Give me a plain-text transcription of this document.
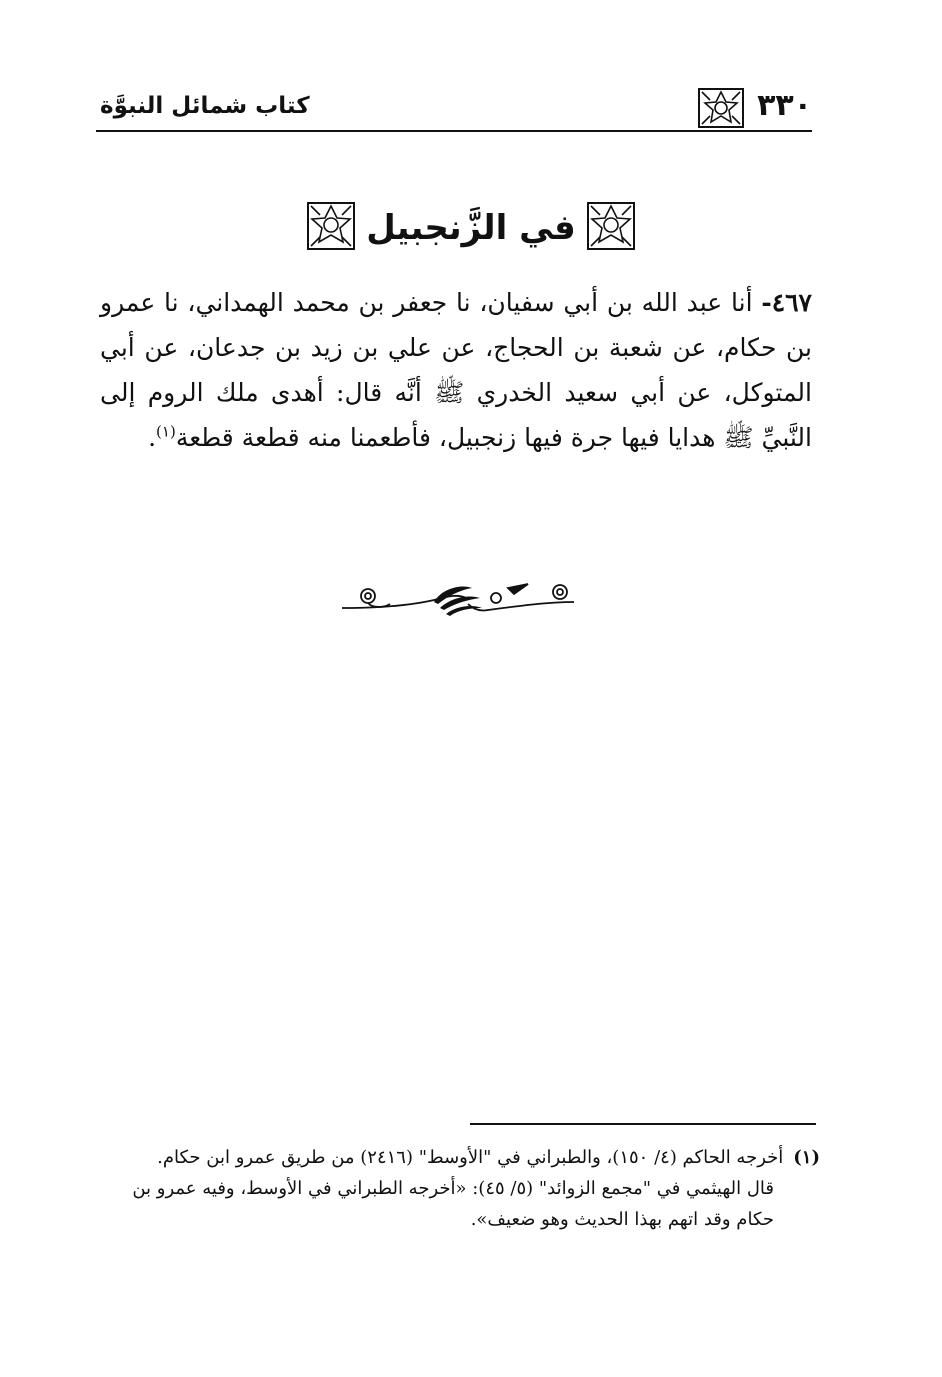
٣٣٠
كتاب شمائل النبوَّة
في الزَّنجبيل
٤٦٧- أنا عبد الله بن أبي سفيان، نا جعفر بن محمد الهمداني، نا عمرو بن حكام، عن شعبة بن الحجاج، عن علي بن زيد بن جدعان، عن أبي المتوكل، عن أبي سعيد الخدري ﷺ أنَّه قال: أهدى ملك الروم إلى النَّبيِّ ﷺ هدايا فيها جرة فيها زنجبيل، فأطعمنا منه قطعة قطعة$^{(١)}$.
(١)
أخرجه الحاكم (٤/ ١٥٠)، والطبراني في "الأوسط" (٢٤١٦) من طريق عمرو ابن حكام.
قال الهيثمي في "مجمع الزوائد" (٥/ ٤٥): «أخرجه الطبراني في الأوسط، وفيه عمرو بن حكام وقد اتهم بهذا الحديث وهو ضعيف».
